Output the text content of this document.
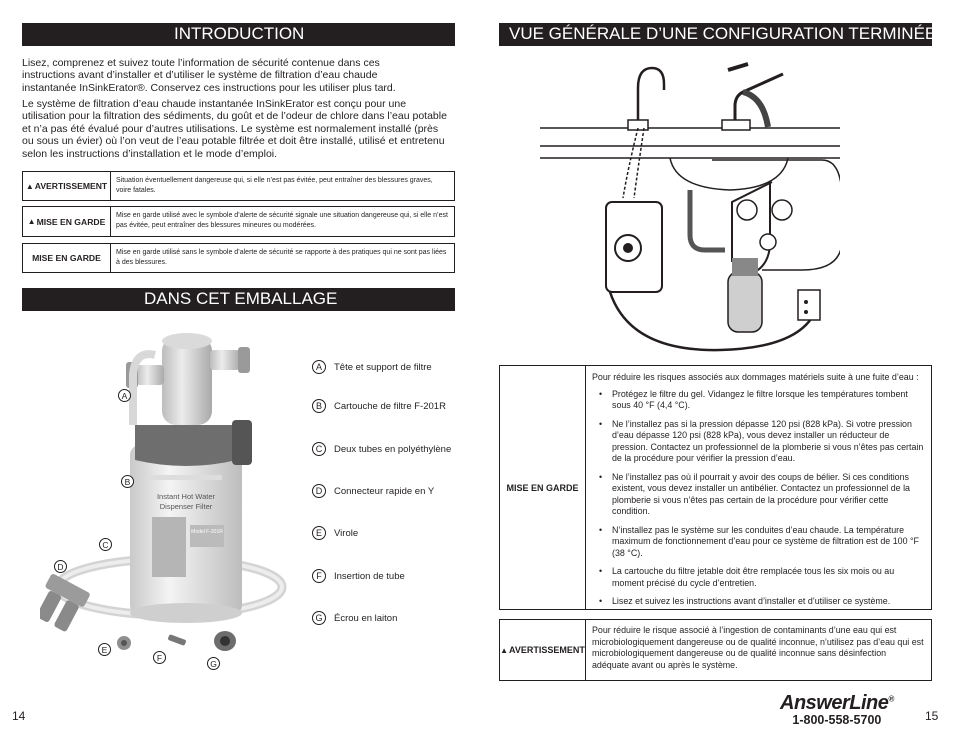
INTRODUCTION

Lisez, comprenez et suivez toute l’information de sécurité contenue dans ces instructions avant d’installer et d’utiliser le système de filtration d’eau chaude instantanée InSinkErator®. Conservez ces instructions pour les utiliser plus tard.

Le système de filtration d’eau chaude instantanée InSinkErator est conçu pour une utilisation pour la filtration des sédiments, du goût et de l’odeur de chlore dans l’eau potable et n’a pas été évalué pour d’autres utilisations. Le système est normalement installé (près ou sous un évier) où l’on veut de l’eau potable filtrée et doit être installé, utilisé et entretenu selon les instructions d’installation et le mode d’emploi.

▲ AVERTISSEMENT
Situation éventuellement dangereuse qui, si elle n’est pas évitée, peut entraîner des blessures graves, voire fatales.
▲ MISE EN GARDE
Mise en garde utilisé avec le symbole d’alerte de sécurité signale une situation dangereuse qui, si elle n’est pas évitée, peut entraîner des blessures mineures ou modérées.
MISE EN GARDE
Mise en garde utilisé sans le symbole d’alerte de sécurité se rapporte à des pratiques qui ne sont pas liées à des blessures.
DANS CET EMBALLAGE
Instant Hot Water
Dispenser Filter
Model F-201R
A
B
C
D
E
F
G
A	Tête et support de filtre
B	Cartouche de filtre F-201R
C	Deux tubes en polyéthylène
D	Connecteur rapide en Y
E	Virole
F	Insertion de tube
G	Écrou en laiton
14
VUE GÉNÉRALE D’UNE CONFIGURATION TERMINÉE
MISE EN GARDE
Pour réduire les risques associés aux dommages matériels suite à une fuite d’eau :
• Protégez le filtre du gel. Vidangez le filtre lorsque les températures tombent sous 40 °F (4,4 °C).
• Ne l’installez pas si la pression dépasse 120 psi (828 kPa). Si votre pression d’eau dépasse 120 psi (828 kPa), vous devez installer un réducteur de pression. Contactez un professionnel de la plomberie si vous n’êtes pas certain de la procédure pour vérifier la pression d’eau.
• Ne l’installez pas où il pourrait y avoir des coups de bélier. Si ces conditions existent, vous devez installer un antibélier. Contactez un professionnel de la plomberie si vous n’êtes pas certain de la procédure pour vérifier cette condition.
• N’installez pas le système sur les conduites d’eau chaude. La température maximum de fonctionnement d’eau pour ce système de filtration est de 100 °F (38 °C).
• La cartouche du filtre jetable doit être remplacée tous les six mois ou au moment précisé du cycle d’entretien.
• Lisez et suivez les instructions avant d’installer et d’utiliser ce système.
▲ AVERTISSEMENT
Pour réduire le risque associé à l’ingestion de contaminants d’une eau qui est microbiologiquement dangereuse ou de qualité inconnue, n’utilisez pas d’eau qui est microbiologiquement dangereuse ou de qualité inconnue sans désinfection adéquate avant ou après le système.
AnswerLine®
1-800-558-5700	15
